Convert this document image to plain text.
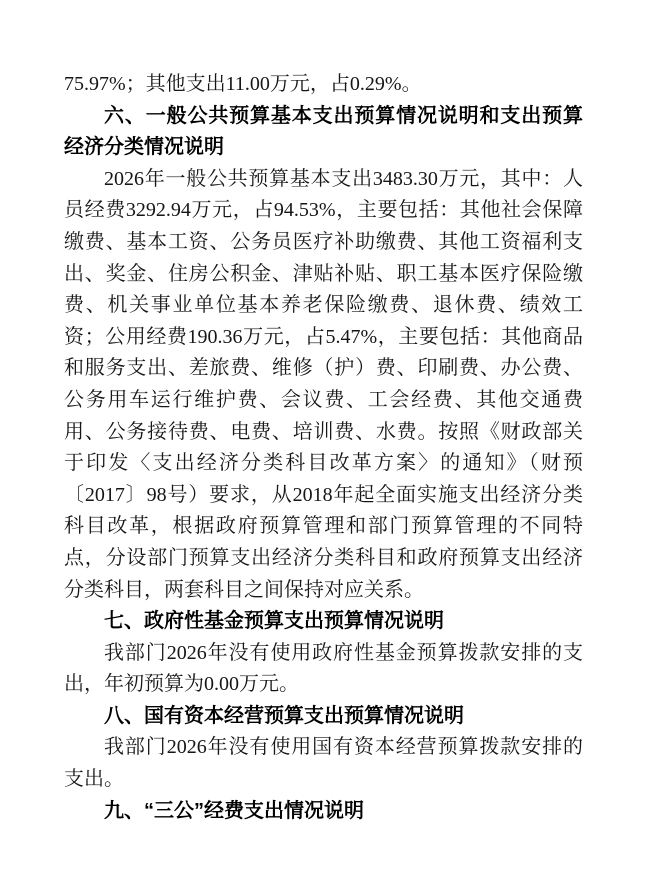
75.97%；其他支出11.00万元，占0.29%。
六、一般公共预算基本支出预算情况说明和支出预算
经济分类情况说明
2026年一般公共预算基本支出3483.30万元，其中：人
员经费3292.94万元，占94.53%，主要包括：其他社会保障
缴费、基本工资、公务员医疗补助缴费、其他工资福利支
出、奖金、住房公积金、津贴补贴、职工基本医疗保险缴
费、机关事业单位基本养老保险缴费、退休费、绩效工
资；公用经费190.36万元，占5.47%，主要包括：其他商品
和服务支出、差旅费、维修（护）费、印刷费、办公费、
公务用车运行维护费、会议费、工会经费、其他交通费
用、公务接待费、电费、培训费、水费。按照《财政部关
于印发〈支出经济分类科目改革方案〉的通知》（财预
〔2017〕98号）要求，从2018年起全面实施支出经济分类
科目改革，根据政府预算管理和部门预算管理的不同特
点，分设部门预算支出经济分类科目和政府预算支出经济
分类科目，两套科目之间保持对应关系。
七、政府性基金预算支出预算情况说明
我部门2026年没有使用政府性基金预算拨款安排的支
出，年初预算为0.00万元。
八、国有资本经营预算支出预算情况说明
我部门2026年没有使用国有资本经营预算拨款安排的
支出。
九、“三公”经费支出情况说明
